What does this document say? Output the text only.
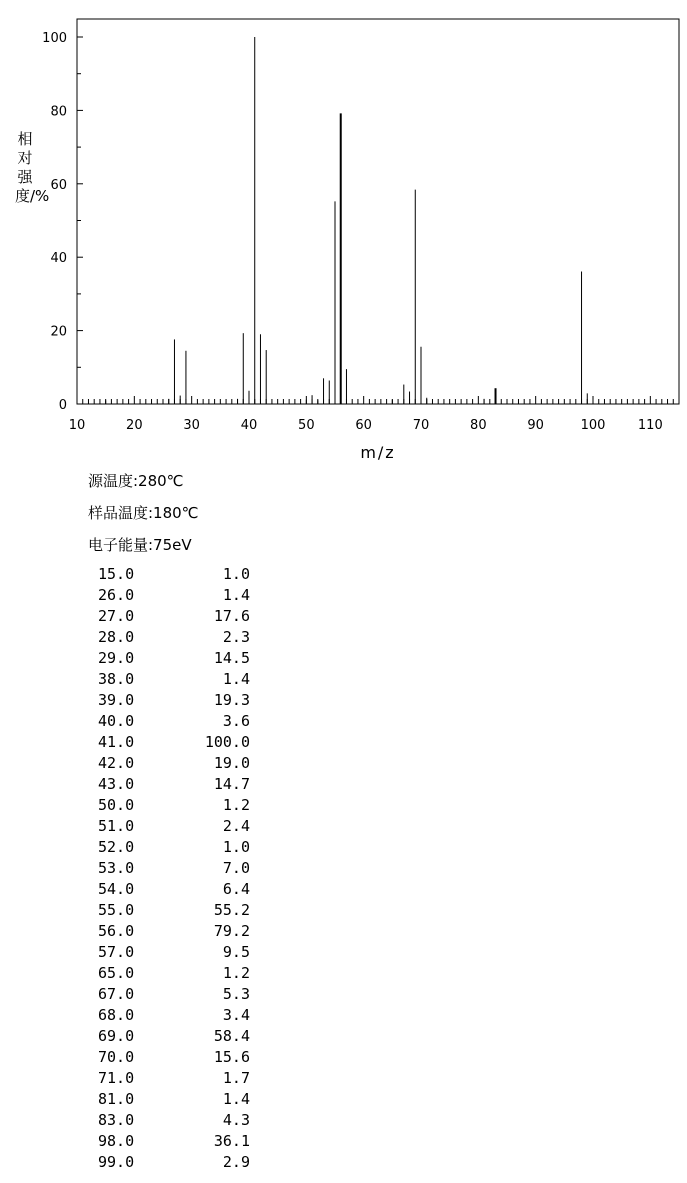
10	20	30	40	50	60	70	80	90	100	110
0
20
40
60
80
100
m/z
相对强度/%
源温度:280℃
样品温度:180℃
电子能量:75eV
15.0	1.0
26.0	1.4
27.0	17.6
28.0	2.3
29.0	14.5
38.0	1.4
39.0	19.3
40.0	3.6
41.0	100.0
42.0	19.0
43.0	14.7
50.0	1.2
51.0	2.4
52.0	1.0
53.0	7.0
54.0	6.4
55.0	55.2
56.0	79.2
57.0	9.5
65.0	1.2
67.0	5.3
68.0	3.4
69.0	58.4
70.0	15.6
71.0	1.7
81.0	1.4
83.0	4.3
98.0	36.1
99.0	2.9
